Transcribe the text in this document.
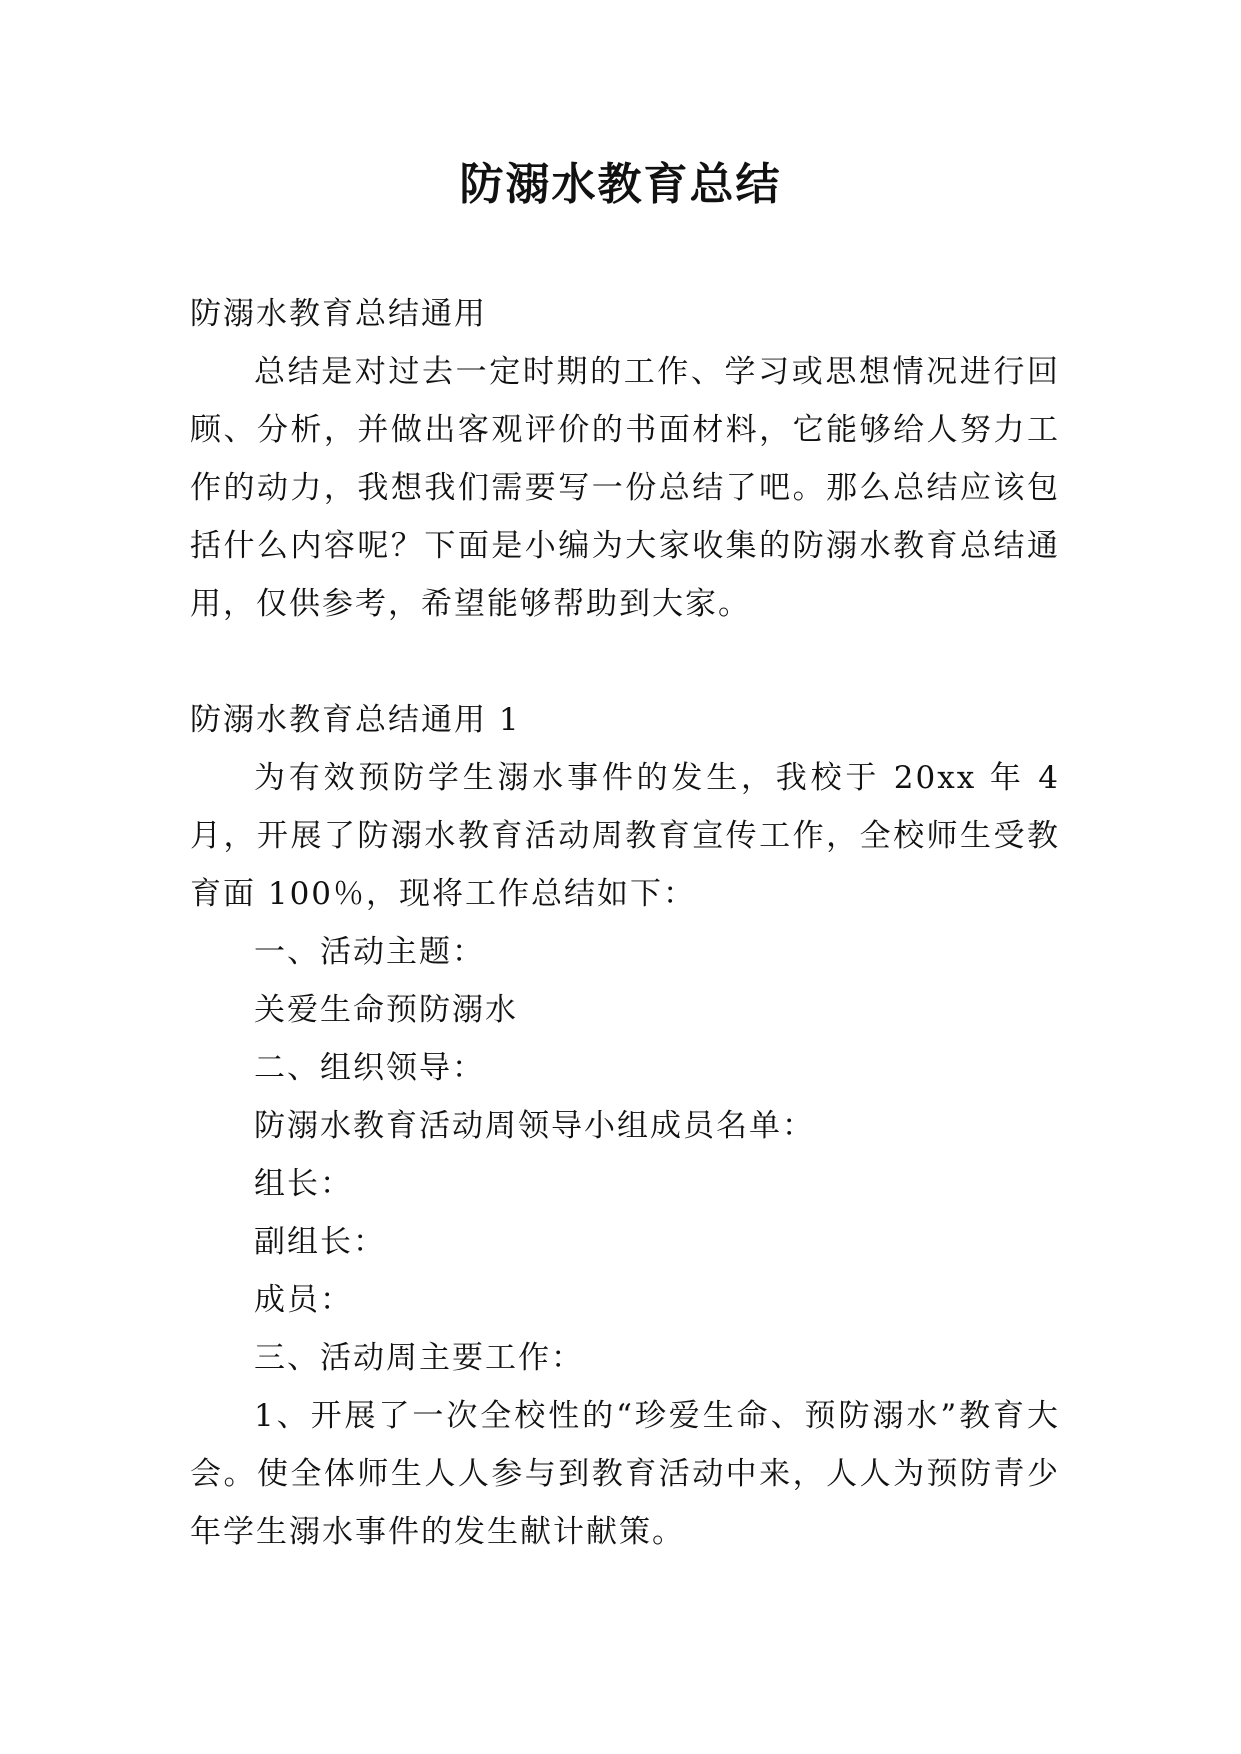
防溺水教育总结

防溺水教育总结通用

总结是对过去一定时期的工作、学习或思想情况进行回顾、分析，并做出客观评价的书面材料，它能够给人努力工作的动力，我想我们需要写一份总结了吧。那么总结应该包括什么内容呢？下面是小编为大家收集的防溺水教育总结通用，仅供参考，希望能够帮助到大家。

防溺水教育总结通用 1

为有效预防学生溺水事件的发生，我校于 20xx 年 4 月，开展了防溺水教育活动周教育宣传工作，全校师生受教育面 100％，现将工作总结如下：

一、活动主题：

关爱生命预防溺水

二、组织领导：

防溺水教育活动周领导小组成员名单：

组长：

副组长：

成员：

三、活动周主要工作：

1、开展了一次全校性的“珍爱生命、预防溺水”教育大会。使全体师生人人参与到教育活动中来，人人为预防青少年学生溺水事件的发生献计献策。
